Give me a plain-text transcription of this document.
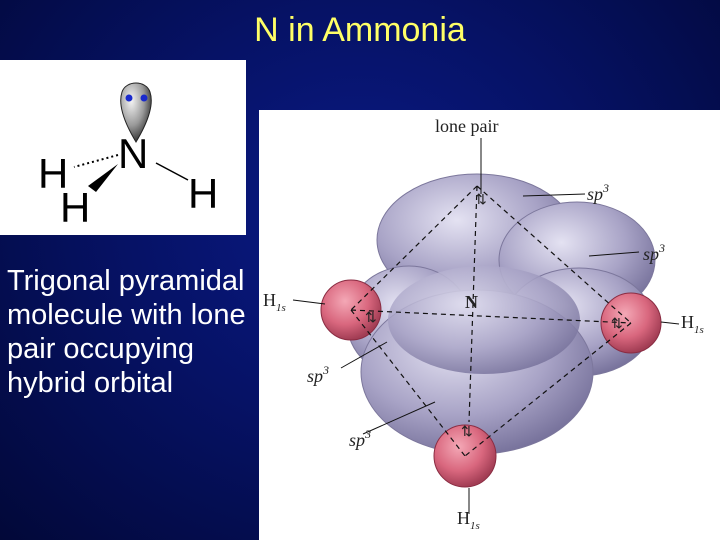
N in Ammonia
N
H
H H
Trigonal pyramidal molecule with lone pair occupying hybrid orbital
⇅
⇅	⇅
⇅
lone pair
N
$sp^3$
$sp^3$
$sp^3$
$sp^3$
$H_{1s}$
$H_{1s}$
$H_{1s}$
